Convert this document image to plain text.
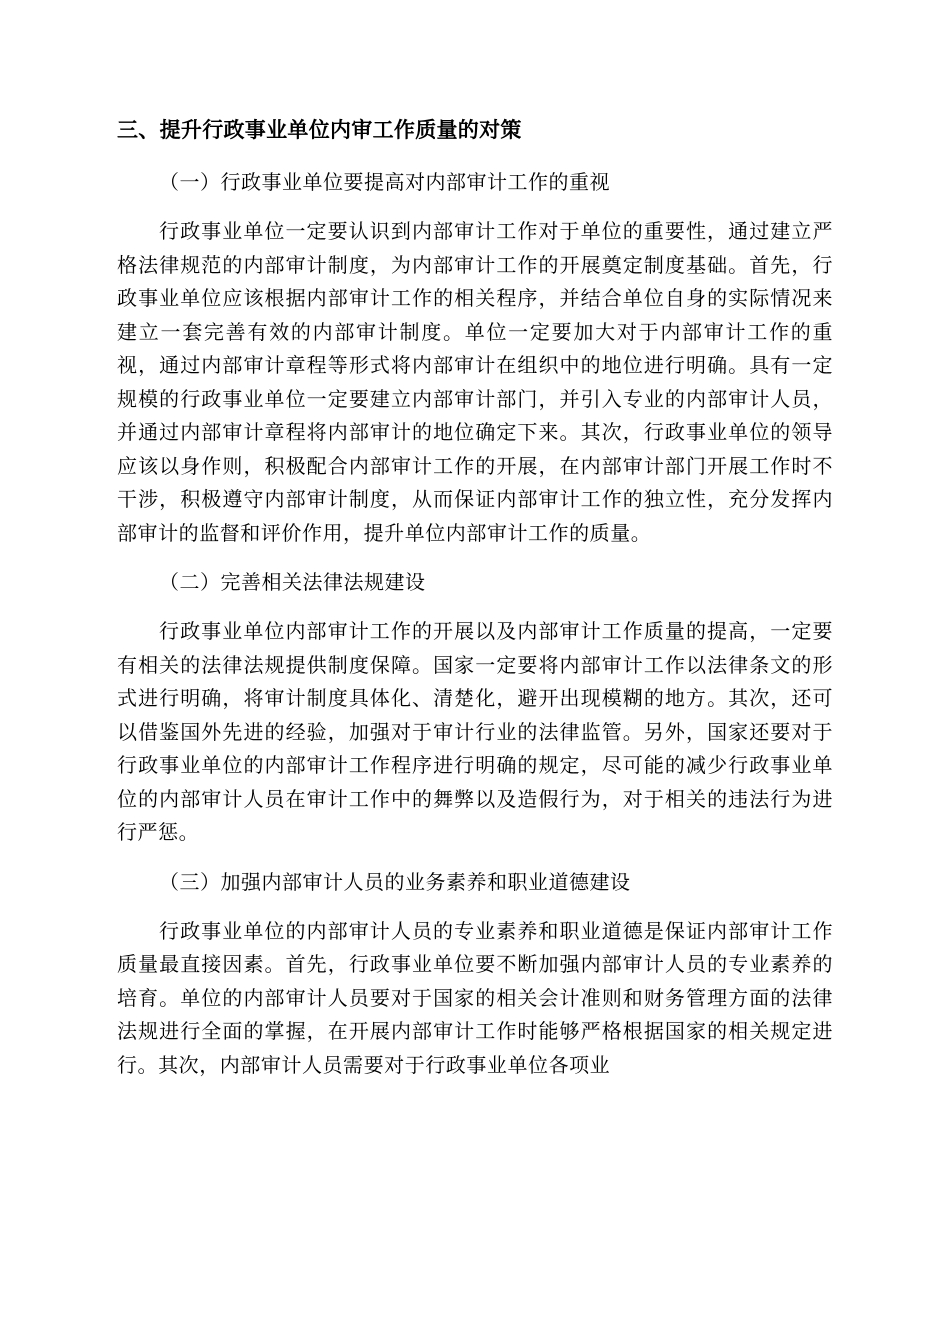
三、提升行政事业单位内审工作质量的对策
（一）行政事业单位要提高对内部审计工作的重视

行政事业单位一定要认识到内部审计工作对于单位的重要性，通过建立严格法律规范的内部审计制度，为内部审计工作的开展奠定制度基础。首先，行政事业单位应该根据内部审计工作的相关程序，并结合单位自身的实际情况来建立一套完善有效的内部审计制度。单位一定要加大对于内部审计工作的重视，通过内部审计章程等形式将内部审计在组织中的地位进行明确。具有一定规模的行政事业单位一定要建立内部审计部门，并引入专业的内部审计人员，并通过内部审计章程将内部审计的地位确定下来。其次，行政事业单位的领导应该以身作则，积极配合内部审计工作的开展，在内部审计部门开展工作时不干涉，积极遵守内部审计制度，从而保证内部审计工作的独立性，充分发挥内部审计的监督和评价作用，提升单位内部审计工作的质量。

（二）完善相关法律法规建设

行政事业单位内部审计工作的开展以及内部审计工作质量的提高，一定要有相关的法律法规提供制度保障。国家一定要将内部审计工作以法律条文的形式进行明确，将审计制度具体化、清楚化，避开出现模糊的地方。其次，还可以借鉴国外先进的经验，加强对于审计行业的法律监管。另外，国家还要对于行政事业单位的内部审计工作程序进行明确的规定，尽可能的减少行政事业单位的内部审计人员在审计工作中的舞弊以及造假行为，对于相关的违法行为进行严惩。

（三）加强内部审计人员的业务素养和职业道德建设

行政事业单位的内部审计人员的专业素养和职业道德是保证内部审计工作质量最直接因素。首先，行政事业单位要不断加强内部审计人员的专业素养的培育。单位的内部审计人员要对于国家的相关会计准则和财务管理方面的法律法规进行全面的掌握，在开展内部审计工作时能够严格根据国家的相关规定进行。其次，内部审计人员需要对于行政事业单位各项业
